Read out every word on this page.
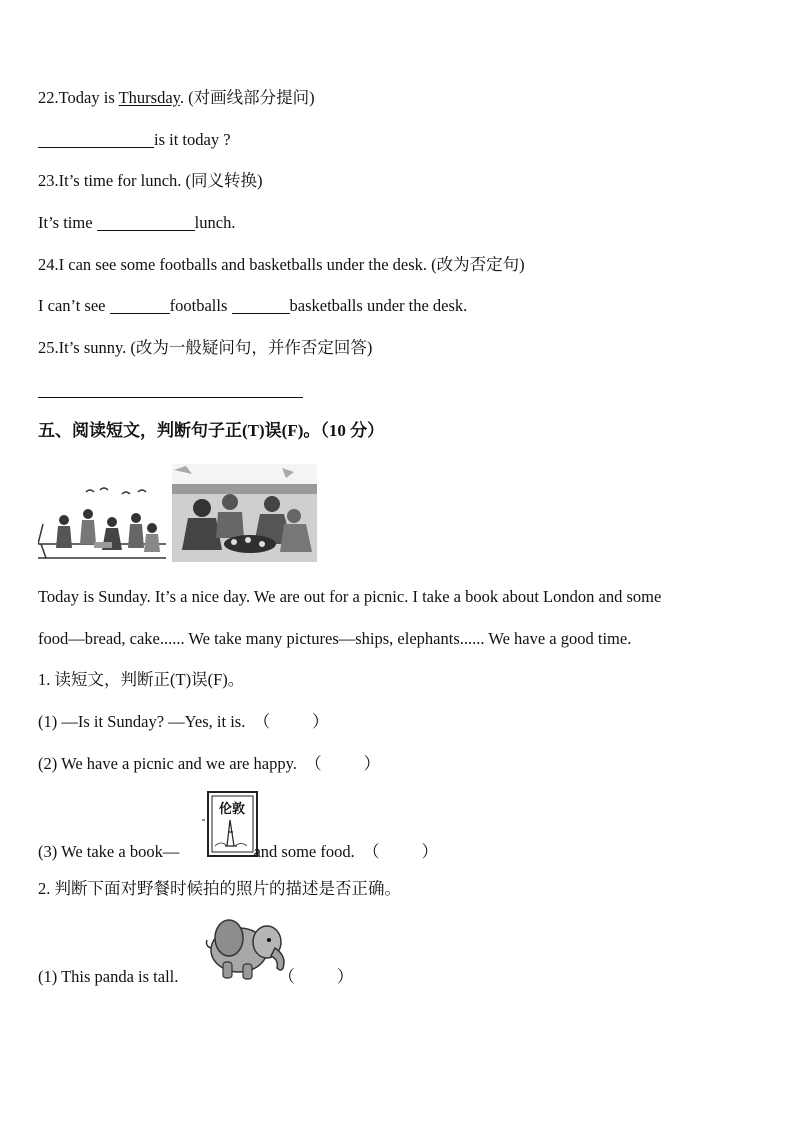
22.Today is Thursday. (对画线部分提问)
is it today ?
23.It’s time for lunch. (同义转换)
It’s time	lunch.
24.I can see some footballs and basketballs under the desk. (改为否定句)
I can’t see	footballs	basketballs under the desk.
25.It’s sunny. (改为一般疑问句，并作否定回答)
五、阅读短文，判断句子正(T)误(F)。（10 分）
Today is Sunday. It’s a nice day. We are out for a picnic. I take a book about London and some
food—bread, cake...... We take many pictures—ships, elephants...... We have a good time.
1. 读短文，判断正(T)误(F)。
(1) —Is it Sunday? —Yes, it is. （）
(2) We have a picnic and we are happy. （）
伦敦
(3) We take a book—	and some food. （）
2. 判断下面对野餐时候拍的照片的描述是否正确。
(1) This panda is tall.	（）
